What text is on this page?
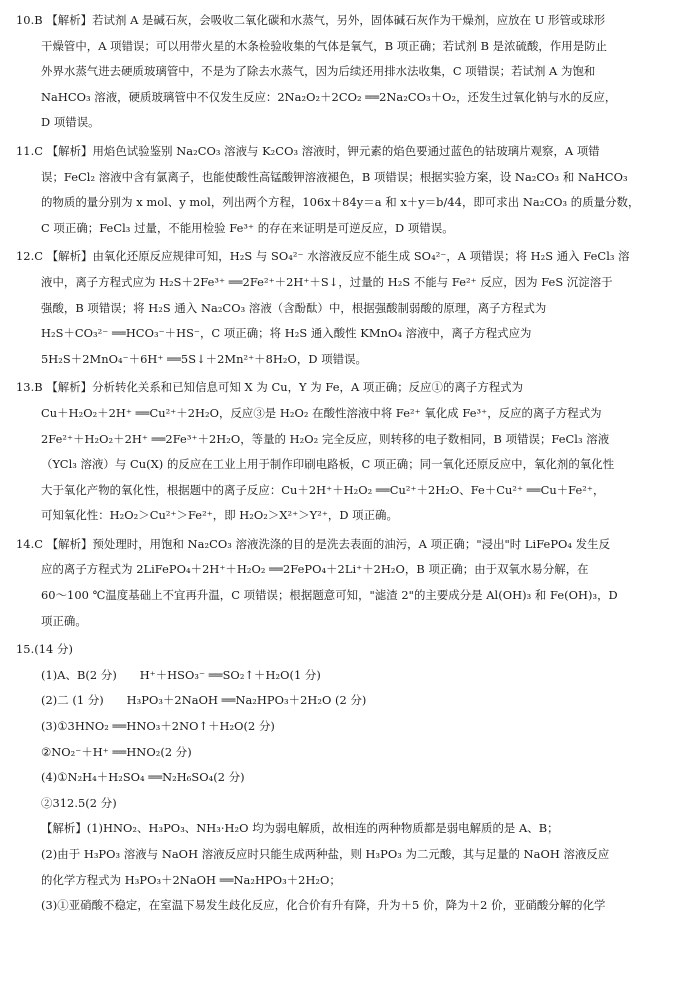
10.B 【解析】若试剂 A 是碱石灰，会吸收二氧化碳和水蒸气，另外，固体碱石灰作为干燥剂，应放在 U 形管或球形
干燥管中，A 项错误；可以用带火星的木条检验收集的气体是氧气，B 项正确；若试剂 B 是浓硫酸，作用是防止
外界水蒸气进去硬质玻璃管中，不是为了除去水蒸气，因为后续还用排水法收集，C 项错误；若试剂 A 为饱和
NaHCO₃ 溶液，硬质玻璃管中不仅发生反应：2Na₂O₂＋2CO₂ ══2Na₂CO₃＋O₂，还发生过氧化钠与水的反应，
D 项错误。
11.C 【解析】用焰色试验鉴别 Na₂CO₃ 溶液与 K₂CO₃ 溶液时，钾元素的焰色要通过蓝色的钴玻璃片观察，A 项错
误；FeCl₂ 溶液中含有氯离子，也能使酸性高锰酸钾溶液褪色，B 项错误；根据实验方案，设 Na₂CO₃ 和 NaHCO₃
的物质的量分别为 x mol、y mol，列出两个方程，106x＋84y＝a 和 x＋y＝b/44，即可求出 Na₂CO₃ 的质量分数，
C 项正确；FeCl₃ 过量，不能用检验 Fe³⁺ 的存在来证明是可逆反应，D 项错误。
12.C 【解析】由氧化还原反应规律可知，H₂S 与 SO₄²⁻ 水溶液反应不能生成 SO₄²⁻，A 项错误；将 H₂S 通入 FeCl₃ 溶
液中，离子方程式应为 H₂S＋2Fe³⁺ ══2Fe²⁺＋2H⁺＋S↓，过量的 H₂S 不能与 Fe²⁺ 反应，因为 FeS 沉淀溶于
强酸，B 项错误；将 H₂S 通入 Na₂CO₃ 溶液（含酚酞）中，根据强酸制弱酸的原理，离子方程式为
H₂S＋CO₃²⁻ ══HCO₃⁻＋HS⁻，C 项正确；将 H₂S 通入酸性 KMnO₄ 溶液中，离子方程式应为
5H₂S＋2MnO₄⁻＋6H⁺ ══5S↓＋2Mn²⁺＋8H₂O，D 项错误。
13.B 【解析】分析转化关系和已知信息可知 X 为 Cu，Y 为 Fe，A 项正确；反应①的离子方程式为
Cu＋H₂O₂＋2H⁺ ══Cu²⁺＋2H₂O，反应③是 H₂O₂ 在酸性溶液中将 Fe²⁺ 氧化成 Fe³⁺，反应的离子方程式为
2Fe²⁺＋H₂O₂＋2H⁺ ══2Fe³⁺＋2H₂O，等量的 H₂O₂ 完全反应，则转移的电子数相同，B 项错误；FeCl₃ 溶液
（YCl₃ 溶液）与 Cu(X) 的反应在工业上用于制作印刷电路板，C 项正确；同一氧化还原反应中，氧化剂的氧化性
大于氧化产物的氧化性，根据题中的离子反应：Cu＋2H⁺＋H₂O₂ ══Cu²⁺＋2H₂O、Fe＋Cu²⁺ ══Cu＋Fe²⁺，
可知氧化性：H₂O₂＞Cu²⁺＞Fe²⁺，即 H₂O₂＞X²⁺＞Y²⁺，D 项正确。
14.C 【解析】预处理时，用饱和 Na₂CO₃ 溶液洗涤的目的是洗去表面的油污，A 项正确；"浸出"时 LiFePO₄ 发生反
应的离子方程式为 2LiFePO₄＋2H⁺＋H₂O₂ ══2FePO₄＋2Li⁺＋2H₂O，B 项正确；由于双氧水易分解，在
60～100 ℃温度基础上不宜再升温，C 项错误；根据题意可知，"滤渣 2"的主要成分是 Al(OH)₃ 和 Fe(OH)₃，D
项正确。
15.(14 分)
(1)A、B(2 分)　　H⁺＋HSO₃⁻ ══SO₂↑＋H₂O(1 分)
(2)二 (1 分)　　H₃PO₃＋2NaOH ══Na₂HPO₃＋2H₂O (2 分)
(3)①3HNO₂ ══HNO₃＋2NO↑＋H₂O(2 分)
②NO₂⁻＋H⁺ ══HNO₂(2 分)
(4)①N₂H₄＋H₂SO₄ ══N₂H₆SO₄(2 分)
②312.5(2 分)
【解析】(1)HNO₂、H₃PO₃、NH₃·H₂O 均为弱电解质，故相连的两种物质都是弱电解质的是 A、B；
(2)由于 H₃PO₃ 溶液与 NaOH 溶液反应时只能生成两种盐，则 H₃PO₃ 为二元酸，其与足量的 NaOH 溶液反应
的化学方程式为 H₃PO₃＋2NaOH ══Na₂HPO₃＋2H₂O；
(3)①亚硝酸不稳定，在室温下易发生歧化反应，化合价有升有降，升为＋5 价，降为＋2 价，亚硝酸分解的化学
